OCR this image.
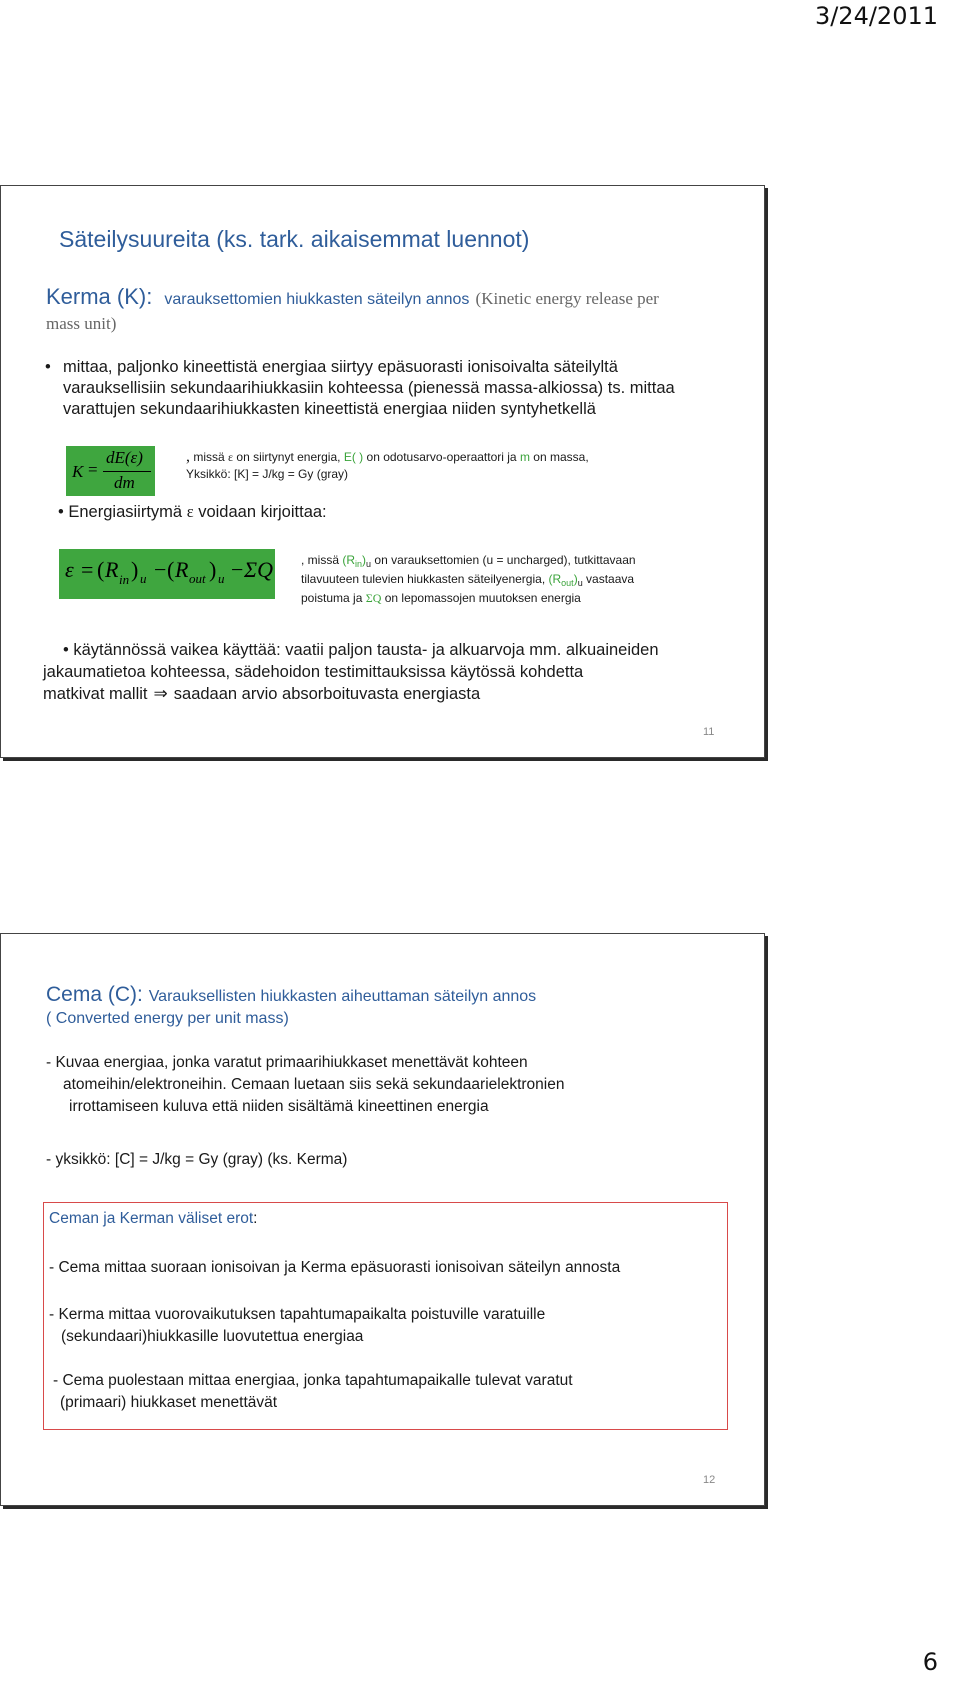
3/24/2011
Säteilysuureita (ks. tark. aikaisemmat luennot)
Kerma (K): varauksettomien hiukkasten säteilyn annos (Kinetic energy release per
mass unit)
• mittaa, paljonko kineettistä energiaa siirtyy epäsuorasti ionisoivalta säteilyltä
varauksellisiin sekundaarihiukkasiin kohteessa (pienessä massa-alkiossa) ts. mittaa
varattujen sekundaarihiukkasten kineettistä energiaa niiden syntyhetkellä
K =
dE(ε)
dm
, missä ε on siirtynyt energia, E( ) on odotusarvo-operaattori ja m on massa,
Yksikkö: [K] = J/kg = Gy (gray)
• Energiasiirtymä ε voidaan kirjoittaa:
ε = ( R $_{in}$ ) u − ( R out ) u − ΣQ , missä $(R_{in})_u$ on varauksettomien (u = uncharged), tutkittavaan
tilavuuteen tulevien hiukkasten säteilyenergia, $(R_{out})_u$ vastaava
poistuma ja ΣQ on lepomassojen muutoksen energia
• käytännössä vaikea käyttää: vaatii paljon tausta- ja alkuarvoja mm. alkuaineiden
jakaumatietoa kohteessa, sädehoidon testimittauksissa käytössä kohdetta
matkivat mallit ⇒ saadaan arvio absorboituvasta energiasta
11
Cema (C): Varauksellisten hiukkasten aiheuttaman säteilyn annos
( Converted energy per unit mass)
- Kuvaa energiaa, jonka varatut primaarihiukkaset menettävät kohteen
atomeihin/elektroneihin. Cemaan luetaan siis sekä sekundaarielektronien
irrottamiseen kuluva että niiden sisältämä kineettinen energia
- yksikkö: [C] = J/kg = Gy (gray) (ks. Kerma)
Ceman ja Kerman väliset erot:
- Cema mittaa suoraan ionisoivan ja Kerma epäsuorasti ionisoivan säteilyn annosta
- Kerma mittaa vuorovaikutuksen tapahtumapaikalta poistuville varatuille
(sekundaari)hiukkasille luovutettua energiaa
- Cema puolestaan mittaa energiaa, jonka tapahtumapaikalle tulevat varatut
(primaari) hiukkaset menettävät
12
6
